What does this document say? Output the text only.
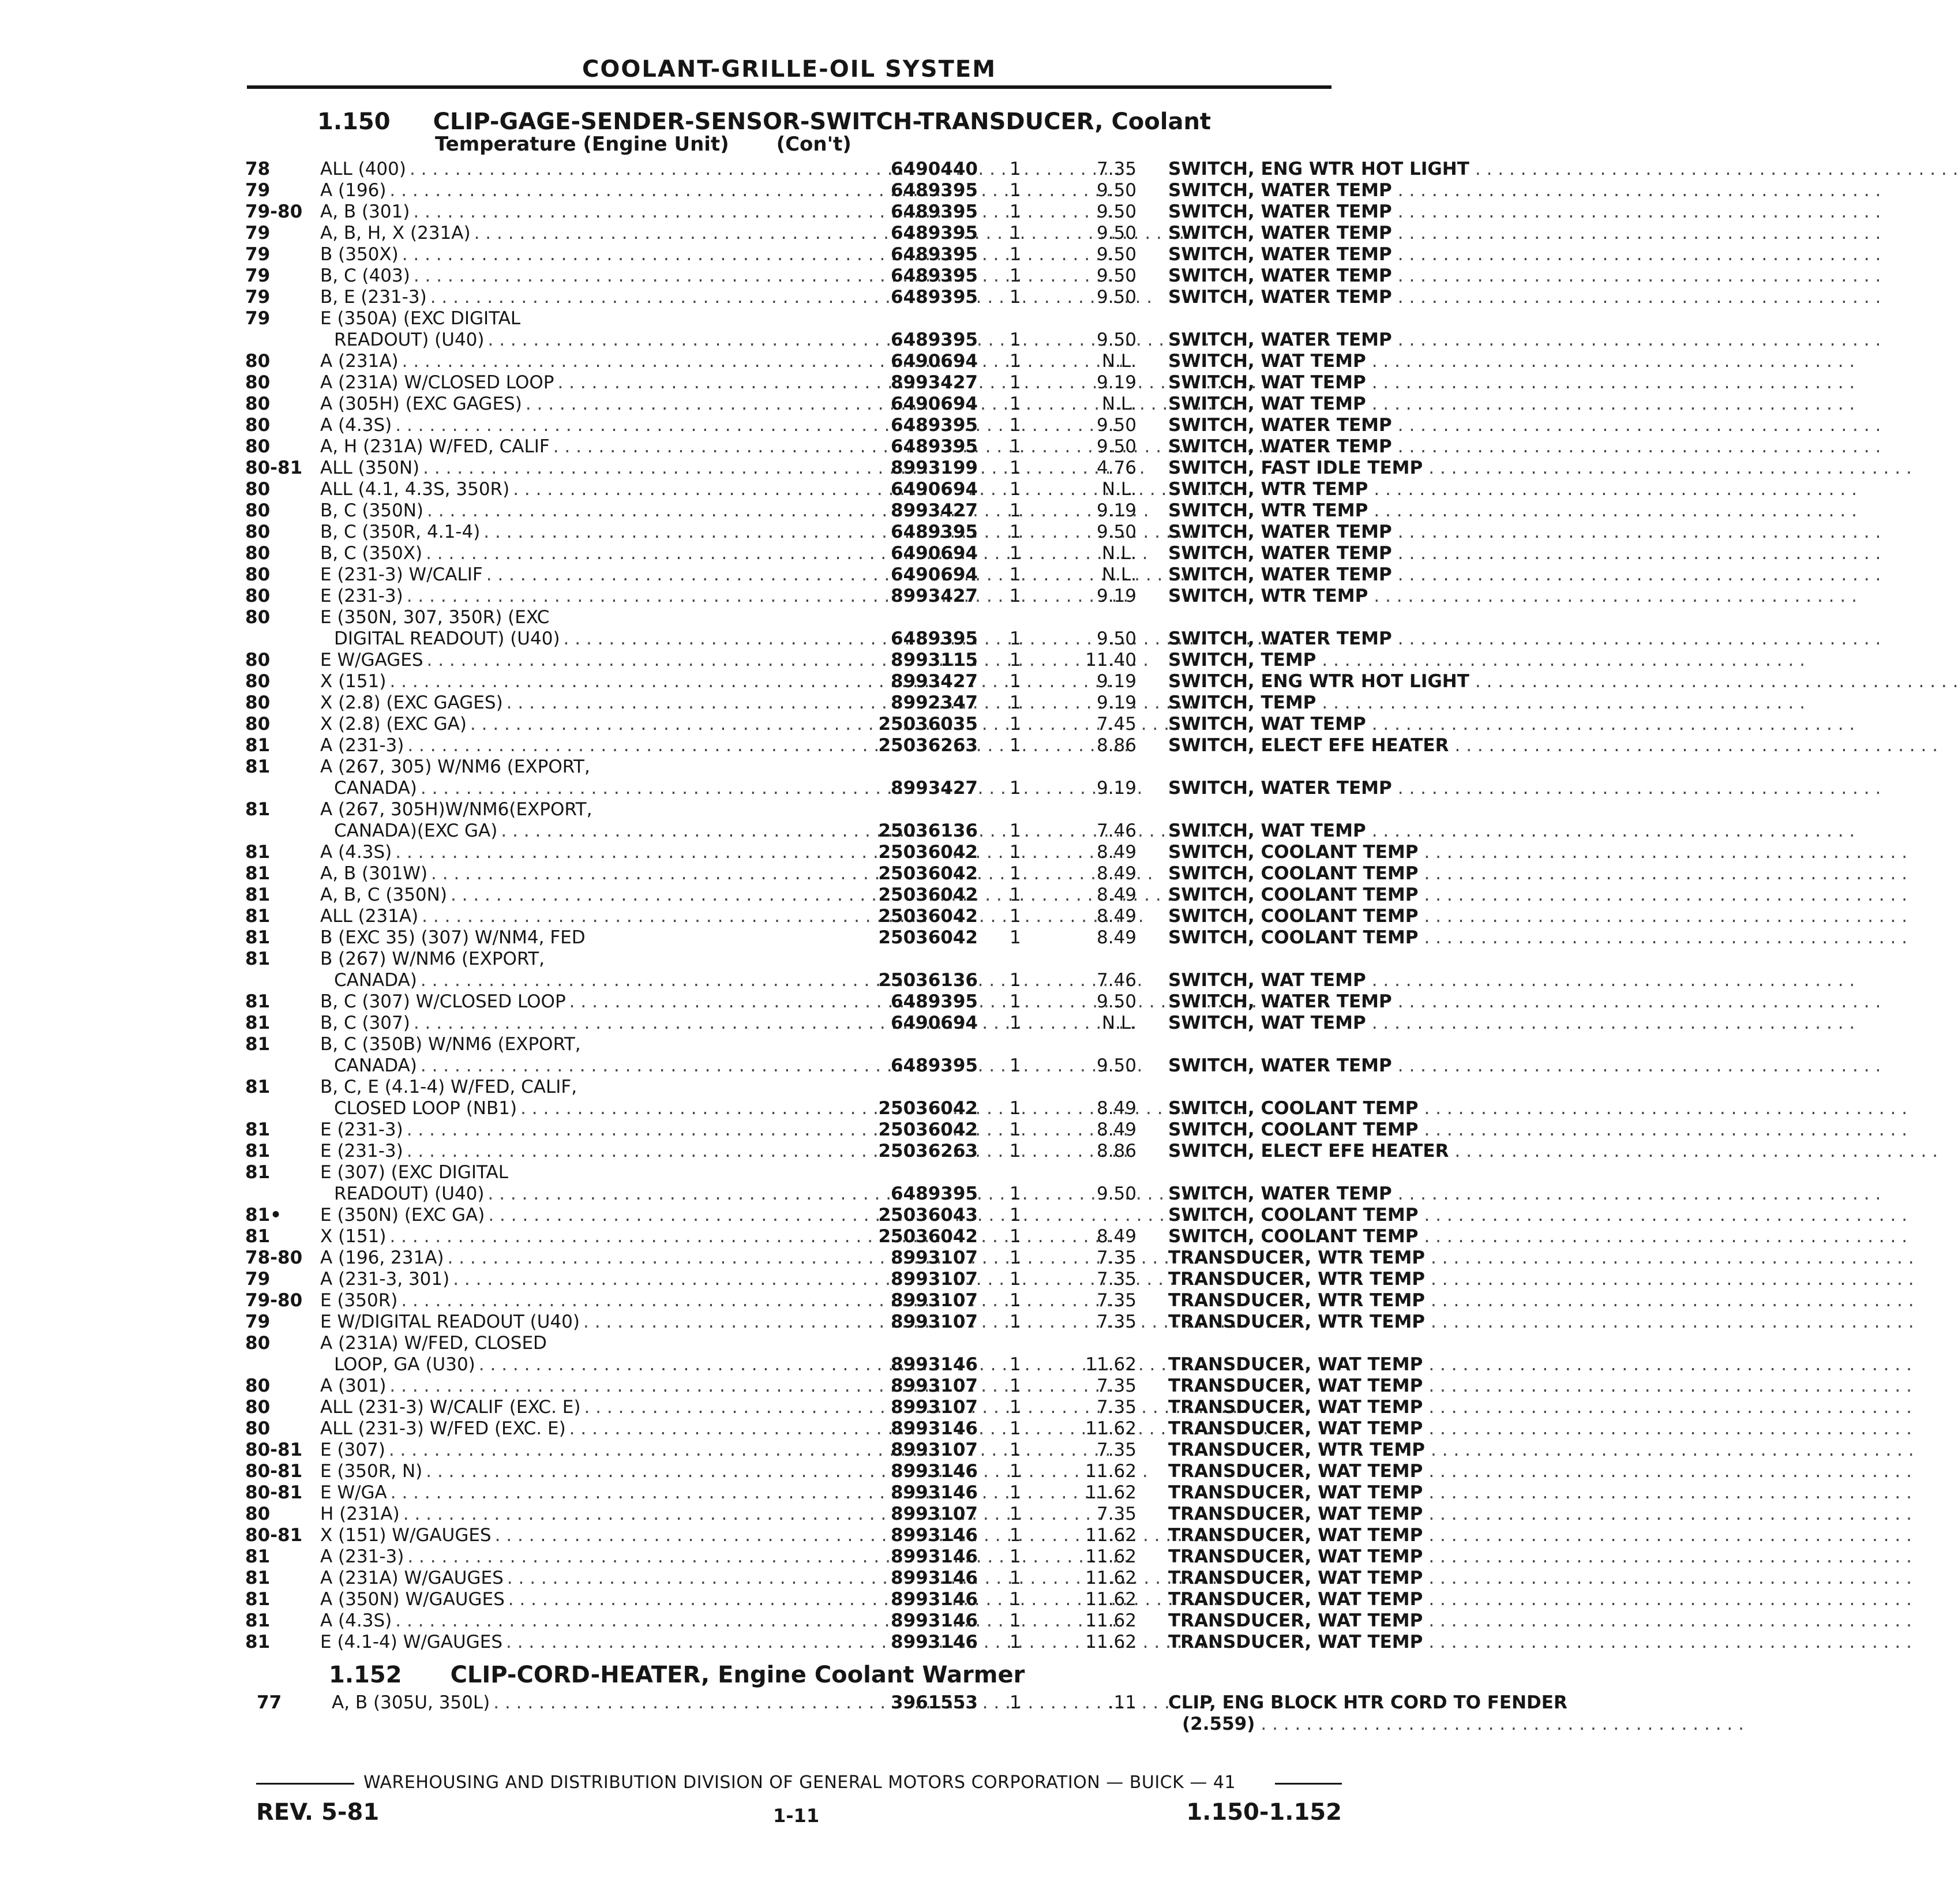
COOLANT-GRILLE-OIL SYSTEM
1.150 CLIP-GAGE-SENDER-SENSOR-SWITCH-TRANSDUCER, Coolant
Temperature (Engine Unit) (Con't)
78	ALL (400) . . .	6490440 1	7.35 SWITCH, ENG WTR HOT LIGHT
. . .
79	A (196) . . .	6489395 1	9.50 SWITCH, WATER TEMP
. . .
79-80 A, B (301) . . .	6489395 1	9.50 SWITCH, WATER TEMP
. . .
79	A, B, H, X (231A) . . .	6489395 1	9.50 SWITCH, WATER TEMP
. . .
79	B (350X) . . .	6489395 1	9.50 SWITCH, WATER TEMP
. . .
79	B, C (403) . . .	6489395 1	9.50 SWITCH, WATER TEMP
. . .
79	B, E (231-3) . . .	6489395 1	9.50 SWITCH, WATER TEMP
. . .
79	E (350A) (EXC DIGITAL
READOUT) (U40) . . .	6489395 1	9.50 SWITCH, WATER TEMP
. . .
80	A (231A) . . .	6490694 1	N.L. SWITCH, WAT TEMP
. . .
80	A (231A) W/CLOSED LOOP . . .	8993427 1	9.19 SWITCH, WAT TEMP
. . .
80	A (305H) (EXC GAGES) . . .	6490694 1	N.L. SWITCH, WAT TEMP
. . .
80	A (4.3S) . . .	6489395 1	9.50 SWITCH, WATER TEMP
. . .
80	A, H (231A) W/FED, CALIF . . .	6489395 1	9.50 SWITCH, WATER TEMP
. . .
80-81 ALL (350N) . . .	8993199 1	4.76 SWITCH, FAST IDLE TEMP
. . .
80	ALL (4.1, 4.3S, 350R) . . .	6490694 1	N.L. SWITCH, WTR TEMP
. . .
80	B, C (350N) . . .	8993427 1	9.19 SWITCH, WTR TEMP
. . .
80	B, C (350R, 4.1-4) . . .	6489395 1	9.50 SWITCH, WATER TEMP
. . .
80	B, C (350X) . . .	6490694 1	N.L. SWITCH, WATER TEMP
. . .
80	E (231-3) W/CALIF . . .	6490694 1	N.L. SWITCH, WATER TEMP
. . .
80	E (231-3) . . .	8993427 1	9.19 SWITCH, WTR TEMP
. . .
80	E (350N, 307, 350R) (EXC
DIGITAL READOUT) (U40) . . .	6489395 1	9.50 SWITCH, WATER TEMP
. . .
80	E W/GAGES . . .	8993115 1	11.40 SWITCH, TEMP
. . .
80	X (151) . . .	8993427 1	9.19 SWITCH, ENG WTR HOT LIGHT
. . .
80	X (2.8) (EXC GAGES) . . .	8992347 1	9.19 SWITCH, TEMP
. . .
80	X (2.8) (EXC GA) . . .	25036035 1	7.45 SWITCH, WAT TEMP
. . .
81	A (231-3) . . .	25036263 1	8.86 SWITCH, ELECT EFE HEATER
. . .
81	A (267, 305) W/NM6 (EXPORT,
CANADA) . . .	8993427 1	9.19 SWITCH, WATER TEMP
. . .
81	A (267, 305H)W/NM6(EXPORT,
CANADA)(EXC GA) . . .	25036136 1	7.46 SWITCH, WAT TEMP
. . .
81	A (4.3S) . . .	25036042 1	8.49 SWITCH, COOLANT TEMP
. . .
81	A, B (301W) . . .	25036042 1	8.49 SWITCH, COOLANT TEMP
. . .
81	A, B, C (350N) . . .	25036042 1	8.49 SWITCH, COOLANT TEMP
. . .
81	ALL (231A) . . .	25036042 1	8.49 SWITCH, COOLANT TEMP
. . .
81	B (EXC 35) (307) W/NM4, FED	25036042 1	8.49 SWITCH, COOLANT TEMP
. . .
81	B (267) W/NM6 (EXPORT,
CANADA) . . .	25036136 1	7.46 SWITCH, WAT TEMP
. . .
81	B, C (307) W/CLOSED LOOP . . .	6489395 1	9.50 SWITCH, WATER TEMP
. . .
81	B, C (307) . . .	6490694 1	N.L. SWITCH, WAT TEMP
. . .
81	B, C (350B) W/NM6 (EXPORT,
CANADA) . . .	6489395 1	9.50 SWITCH, WATER TEMP
. . .
81	B, C, E (4.1-4) W/FED, CALIF,
CLOSED LOOP (NB1) . . .	25036042 1	8.49 SWITCH, COOLANT TEMP
. . .
81	E (231-3) . . .	25036042 1	8.49 SWITCH, COOLANT TEMP
. . .
81	E (231-3) . . .	25036263 1	8.86 SWITCH, ELECT EFE HEATER
. . .
81	E (307) (EXC DIGITAL
READOUT) (U40) . . .	6489395 1	9.50 SWITCH, WATER TEMP
. . .
81•	E (350N) (EXC GA) . . .	25036043 1	SWITCH, COOLANT TEMP
. . .
81	X (151) . . .	25036042 1	8.49 SWITCH, COOLANT TEMP
. . .
78-80 A (196, 231A) . . .	8993107 1	7.35 TRANSDUCER, WTR TEMP
. . .
79	A (231-3, 301) . . .	8993107 1	7.35 TRANSDUCER, WTR TEMP
. . .
79-80 E (350R) . . .	8993107 1	7.35 TRANSDUCER, WTR TEMP
. . .
79	E W/DIGITAL READOUT (U40) . . .	8993107 1	7.35 TRANSDUCER, WTR TEMP
. . .
80	A (231A) W/FED, CLOSED
LOOP, GA (U30) . . .	8993146 1	11.62 TRANSDUCER, WAT TEMP
. . .
80	A (301) . . .	8993107 1	7.35 TRANSDUCER, WAT TEMP
. . .
80	ALL (231-3) W/CALIF (EXC. E) . . .	8993107 1	7.35 TRANSDUCER, WAT TEMP
. . .
80	ALL (231-3) W/FED (EXC. E) . . .	8993146 1	11.62 TRANSDUCER, WAT TEMP
. . .
80-81 E (307) . . .	8993107 1	7.35 TRANSDUCER, WTR TEMP
. . .
80-81 E (350R, N) . . .	8993146 1	11.62 TRANSDUCER, WAT TEMP
. . .
80-81 E W/GA . . .	8993146 1	11.62 TRANSDUCER, WAT TEMP
. . .
80	H (231A) . . .	8993107 1	7.35 TRANSDUCER, WAT TEMP
. . .
80-81 X (151) W/GAUGES . . .	8993146 1	11.62 TRANSDUCER, WAT TEMP
. . .
81	A (231-3) . . .	8993146 1	11.62 TRANSDUCER, WAT TEMP
. . .
81	A (231A) W/GAUGES . . .	8993146 1	11.62 TRANSDUCER, WAT TEMP
. . .
81	A (350N) W/GAUGES . . .	8993146 1	11.62 TRANSDUCER, WAT TEMP
. . .
81	A (4.3S) . . .	8993146 1	11.62 TRANSDUCER, WAT TEMP
. . .
81	E (4.1-4) W/GAUGES . . .	8993146 1	11.62 TRANSDUCER, WAT TEMP
. . .
1.152 CLIP-CORD-HEATER, Engine Coolant Warmer
77	A, B (305U, 350L) . . .	3961553 1	.11 CLIP, ENG BLOCK HTR CORD TO FENDER
(2.559)
. . .
WAREHOUSING AND DISTRIBUTION DIVISION OF GENERAL MOTORS CORPORATION — BUICK — 41
REV. 5-81	1-11	1.150-1.152
